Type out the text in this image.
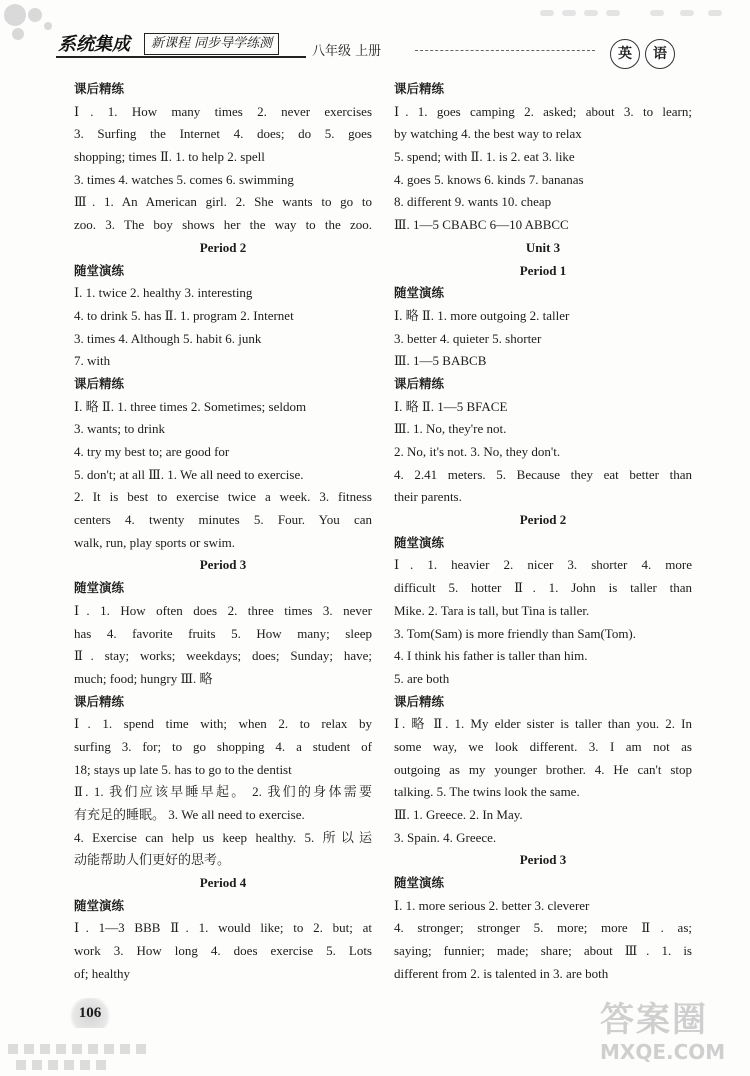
系统集成	新课程 同步导学练测
八年级 上册	英	语
课后精练
Ⅰ. 1. How many times 2. never exercises
3. Surfing the Internet 4. does; do 5. goes
shopping; times Ⅱ. 1. to help 2. spell
3. times 4. watches 5. comes 6. swimming
Ⅲ. 1. An American girl. 2. She wants to go to
zoo. 3. The boy shows her the way to the zoo.
Period 2
随堂演练
Ⅰ. 1. twice 2. healthy 3. interesting
4. to drink 5. has Ⅱ. 1. program 2. Internet
3. times 4. Although 5. habit 6. junk
7. with
课后精练
Ⅰ. 略 Ⅱ. 1. three times 2. Sometimes; seldom
3. wants; to drink
4. try my best to; are good for
5. don't; at all Ⅲ. 1. We all need to exercise.
2. It is best to exercise twice a week. 3. fitness
centers 4. twenty minutes 5. Four. You can
walk, run, play sports or swim.
Period 3
随堂演练
Ⅰ. 1. How often does 2. three times 3. never
has 4. favorite fruits 5. How many; sleep
Ⅱ. stay; works; weekdays; does; Sunday; have;
much; food; hungry Ⅲ. 略
课后精练
Ⅰ. 1. spend time with; when 2. to relax by
surfing 3. for; to go shopping 4. a student of
18; stays up late 5. has to go to the dentist
Ⅱ. 1. 我们应该早睡早起。 2. 我们的身体需要
有充足的睡眠。 3. We all need to exercise.
4. Exercise can help us keep healthy. 5. 所以运
动能帮助人们更好的思考。
Period 4
随堂演练
Ⅰ. 1—3 BBB Ⅱ. 1. would like; to 2. but; at
work 3. How long 4. does exercise 5. Lots
of; healthy
课后精练
Ⅰ. 1. goes camping 2. asked; about 3. to learn;
by watching 4. the best way to relax
5. spend; with Ⅱ. 1. is 2. eat 3. like
4. goes 5. knows 6. kinds 7. bananas
8. different 9. wants 10. cheap
Ⅲ. 1—5 CBABC 6—10 ABBCC
Unit 3
Period 1
随堂演练
Ⅰ. 略 Ⅱ. 1. more outgoing 2. taller
3. better 4. quieter 5. shorter
Ⅲ. 1—5 BABCB
课后精练
Ⅰ. 略 Ⅱ. 1—5 BFACE
Ⅲ. 1. No, they're not.
2. No, it's not. 3. No, they don't.
4. 2.41 meters. 5. Because they eat better than
their parents.
Period 2
随堂演练
Ⅰ. 1. heavier 2. nicer 3. shorter 4. more
difficult 5. hotter Ⅱ. 1. John is taller than
Mike. 2. Tara is tall, but Tina is taller.
3. Tom(Sam) is more friendly than Sam(Tom).
4. I think his father is taller than him.
5. are both
课后精练
Ⅰ. 略 Ⅱ. 1. My elder sister is taller than you. 2. In
some way, we look different. 3. I am not as
outgoing as my younger brother. 4. He can't stop
talking. 5. The twins look the same.
Ⅲ. 1. Greece. 2. In May.
3. Spain. 4. Greece.
Period 3
随堂演练
Ⅰ. 1. more serious 2. better 3. cleverer
4. stronger; stronger 5. more; more Ⅱ. as;
saying; funnier; made; share; about Ⅲ. 1. is
different from 2. is talented in 3. are both
106	答案圈
MXQE.COM
